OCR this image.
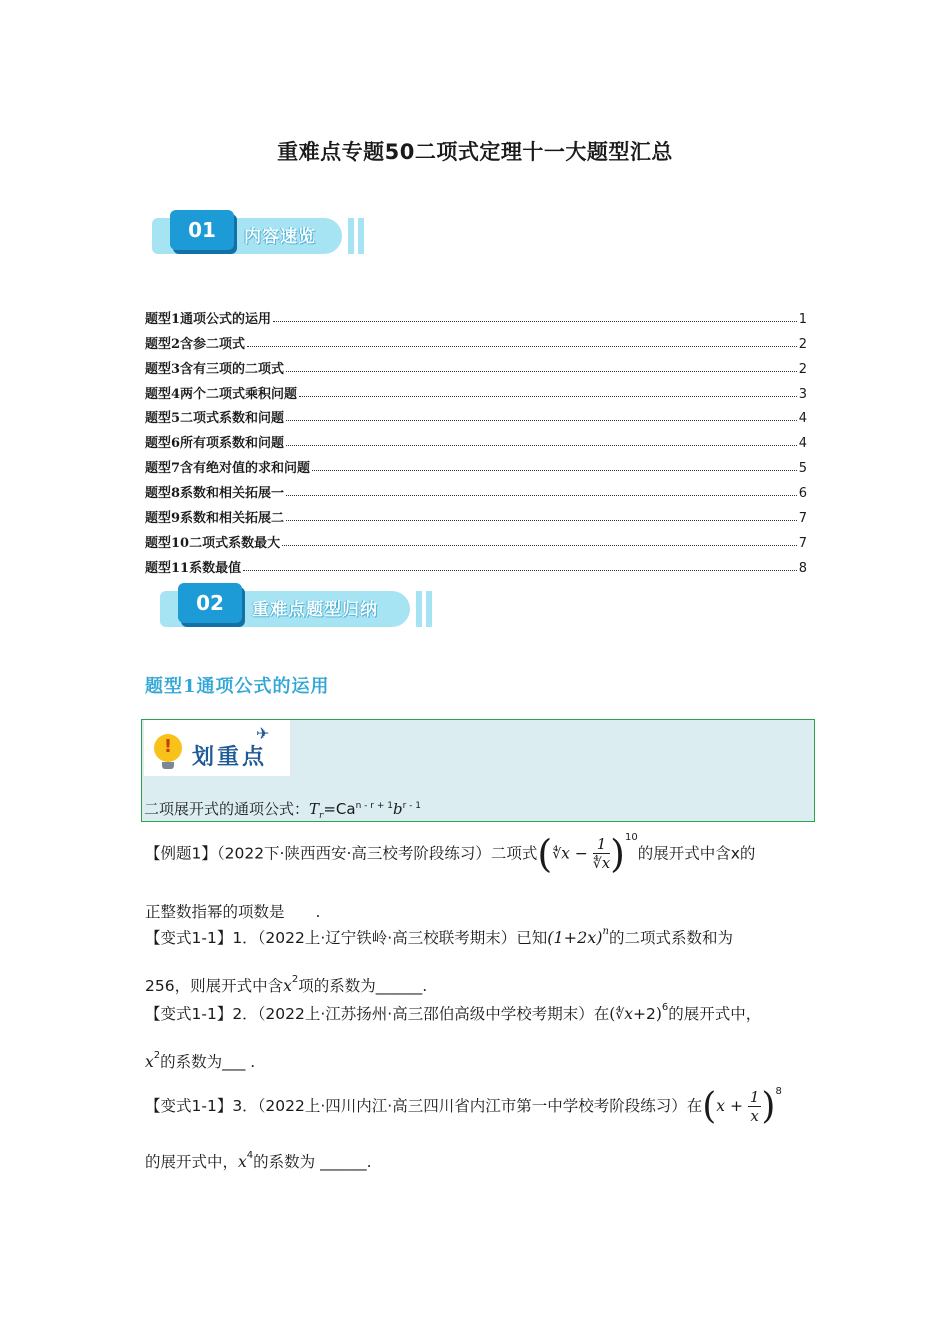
重难点专题50二项式定理十一大题型汇总
01	内容速览
题型1通项公式的运用	1
题型2含参二项式	2
题型3含有三项的二项式	2
题型4两个二项式乘积问题	3
题型5二项式系数和问题	4
题型6所有项系数和问题	4
题型7含有绝对值的求和问题	5
题型8系数和相关拓展一	6
题型9系数和相关拓展二	7
题型10二项式系数最大	7
题型11系数最值	8
02	重难点题型归纳
题型1通项公式的运用
!
划重点
✈
二项展开式的通项公式：$T_r=Ca^{n - r + 1}b^{r - 1}$
【例题1】（2022下·陕西西安·高三校考阶段练习）二项式(∜x − $\frac{1}{∜x} )^{10}$的展开式中含x的
正整数指幂的项数是　　.
【变式1-1】1．（2022上·辽宁铁岭·高三校联考期末）已知$(1+2x)^n$的二项式系数和为
256，则展开式中含$x^2$项的系数为______.
【变式1-1】2．（2022上·江苏扬州·高三邵伯高级中学校考期末）在(∜x+2)$^6$的展开式中，
$x^2$的系数为___ .
【变式1-1】3．（2022上·四川内江·高三四川省内江市第一中学校考阶段练习）在$(x + \frac{1}{x} )^8$
的展开式中，$x^4$的系数为 ______.
